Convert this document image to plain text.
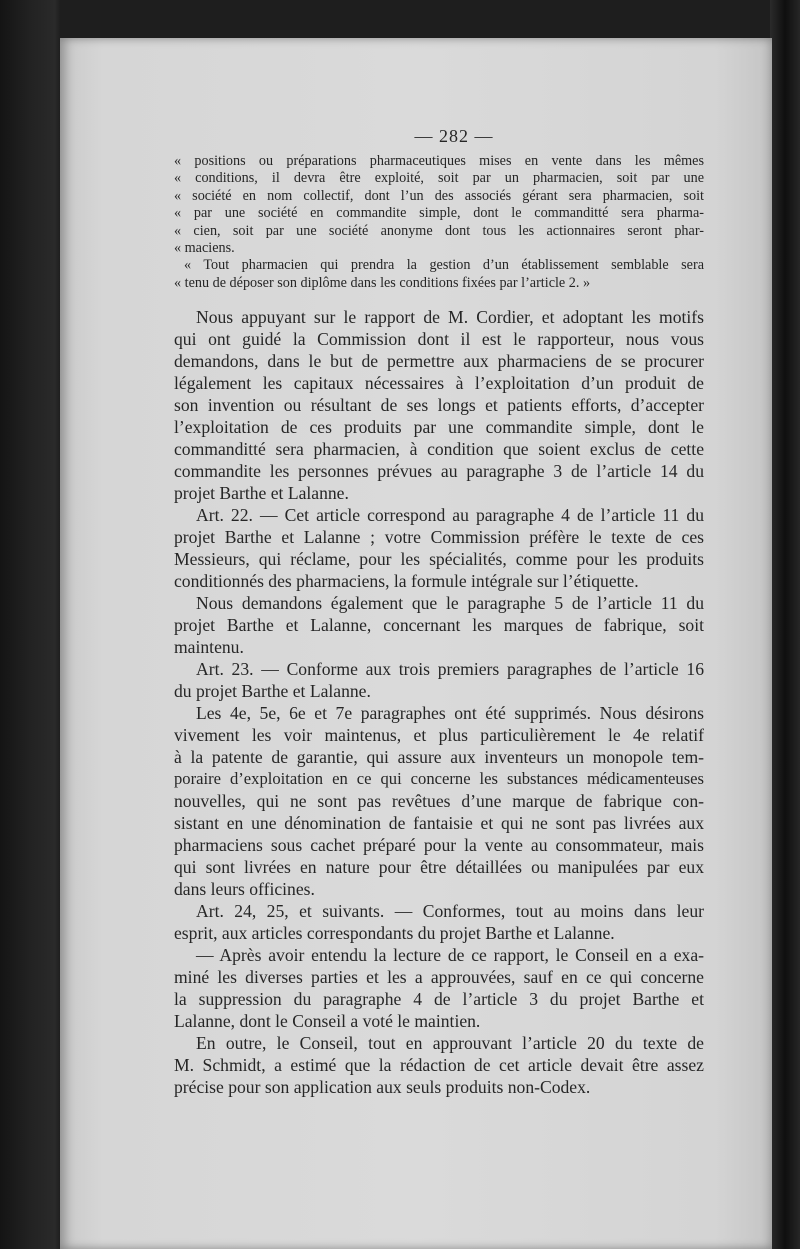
— 282 —
« positions ou préparations pharmaceutiques mises en vente dans les mêmes
« conditions, il devra être exploité, soit par un pharmacien, soit par une
« société en nom collectif, dont l’un des associés gérant sera pharmacien, soit
« par une société en commandite simple, dont le commanditté sera pharma-
« cien, soit par une société anonyme dont tous les actionnaires seront phar-
« maciens.
« Tout pharmacien qui prendra la gestion d’un établissement semblable sera
« tenu de déposer son diplôme dans les conditions fixées par l’article 2. »
Nous appuyant sur le rapport de M. Cordier, et adoptant les motifs
qui ont guidé la Commission dont il est le rapporteur, nous vous
demandons, dans le but de permettre aux pharmaciens de se procurer
légalement les capitaux nécessaires à l’exploitation d’un produit de
son invention ou résultant de ses longs et patients efforts, d’accepter
l’exploitation de ces produits par une commandite simple, dont le
commanditté sera pharmacien, à condition que soient exclus de cette
commandite les personnes prévues au paragraphe 3 de l’article 14 du
projet Barthe et Lalanne.
Art. 22. — Cet article correspond au paragraphe 4 de l’article 11 du
projet Barthe et Lalanne ; votre Commission préfère le texte de ces
Messieurs, qui réclame, pour les spécialités, comme pour les produits
conditionnés des pharmaciens, la formule intégrale sur l’étiquette.
Nous demandons également que le paragraphe 5 de l’article 11 du
projet Barthe et Lalanne, concernant les marques de fabrique, soit
maintenu.
Art. 23. — Conforme aux trois premiers paragraphes de l’article 16
du projet Barthe et Lalanne.
Les 4e, 5e, 6e et 7e paragraphes ont été supprimés. Nous désirons
vivement les voir maintenus, et plus particulièrement le 4e relatif
à la patente de garantie, qui assure aux inventeurs un monopole tem-
poraire d’exploitation en ce qui concerne les substances médicamenteuses
nouvelles, qui ne sont pas revêtues d’une marque de fabrique con-
sistant en une dénomination de fantaisie et qui ne sont pas livrées aux
pharmaciens sous cachet préparé pour la vente au consommateur, mais
qui sont livrées en nature pour être détaillées ou manipulées par eux
dans leurs officines.
Art. 24, 25, et suivants. — Conformes, tout au moins dans leur
esprit, aux articles correspondants du projet Barthe et Lalanne.
— Après avoir entendu la lecture de ce rapport, le Conseil en a exa-
miné les diverses parties et les a approuvées, sauf en ce qui concerne
la suppression du paragraphe 4 de l’article 3 du projet Barthe et
Lalanne, dont le Conseil a voté le maintien.
En outre, le Conseil, tout en approuvant l’article 20 du texte de
M. Schmidt, a estimé que la rédaction de cet article devait être assez
précise pour son application aux seuls produits non-Codex.
